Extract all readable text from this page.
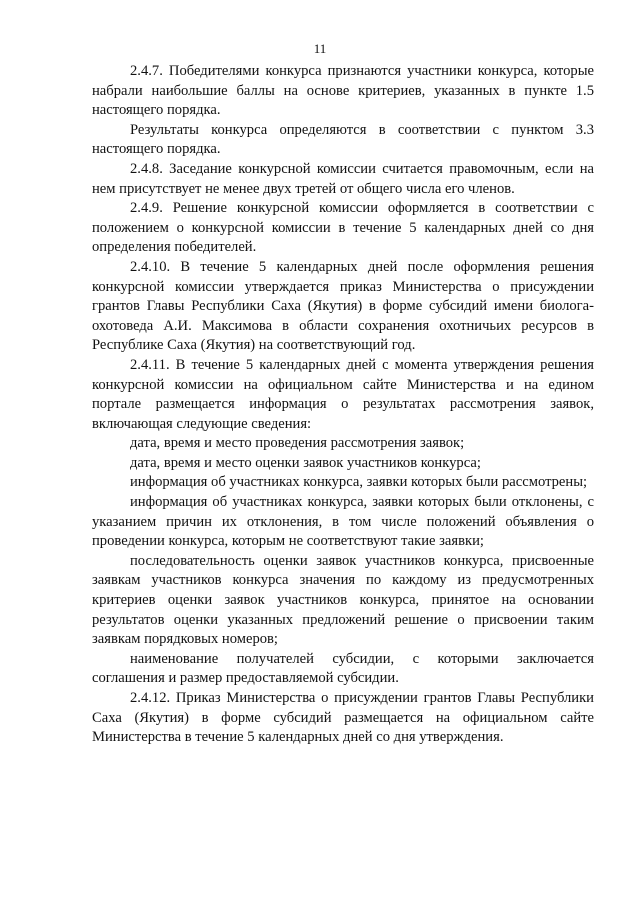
11

2.4.7. Победителями конкурса признаются участники конкурса, которые набрали наибольшие баллы на основе критериев, указанных в пункте 1.5 настоящего порядка.

Результаты конкурса определяются в соответствии с пунктом 3.3 настоящего порядка.

2.4.8. Заседание конкурсной комиссии считается правомочным, если на нем присутствует не менее двух третей от общего числа его членов.

2.4.9. Решение конкурсной комиссии оформляется в соответствии с положением о конкурсной комиссии в течение 5 календарных дней со дня определения победителей.

2.4.10. В течение 5 календарных дней после оформления решения конкурсной комиссии утверждается приказ Министерства о присуждении грантов Главы Республики Саха (Якутия) в форме субсидий имени биолога-охотоведа А.И. Максимова в области сохранения охотничьих ресурсов в Республике Саха (Якутия) на соответствующий год.

2.4.11. В течение 5 календарных дней с момента утверждения решения конкурсной комиссии на официальном сайте Министерства и на едином портале размещается информация о результатах рассмотрения заявок, включающая следующие сведения:

дата, время и место проведения рассмотрения заявок;

дата, время и место оценки заявок участников конкурса;

информация об участниках конкурса, заявки которых были рассмотрены;

информация об участниках конкурса, заявки которых были отклонены, с указанием причин их отклонения, в том числе положений объявления о проведении конкурса, которым не соответствуют такие заявки;

последовательность оценки заявок участников конкурса, присвоенные заявкам участников конкурса значения по каждому из предусмотренных критериев оценки заявок участников конкурса, принятое на основании результатов оценки указанных предложений решение о присвоении таким заявкам порядковых номеров;

наименование получателей субсидии, с которыми заключается соглашения и размер предоставляемой субсидии.

2.4.12. Приказ Министерства о присуждении грантов Главы Республики Саха (Якутия) в форме субсидий размещается на официальном сайте Министерства в течение 5 календарных дней со дня утверждения.
